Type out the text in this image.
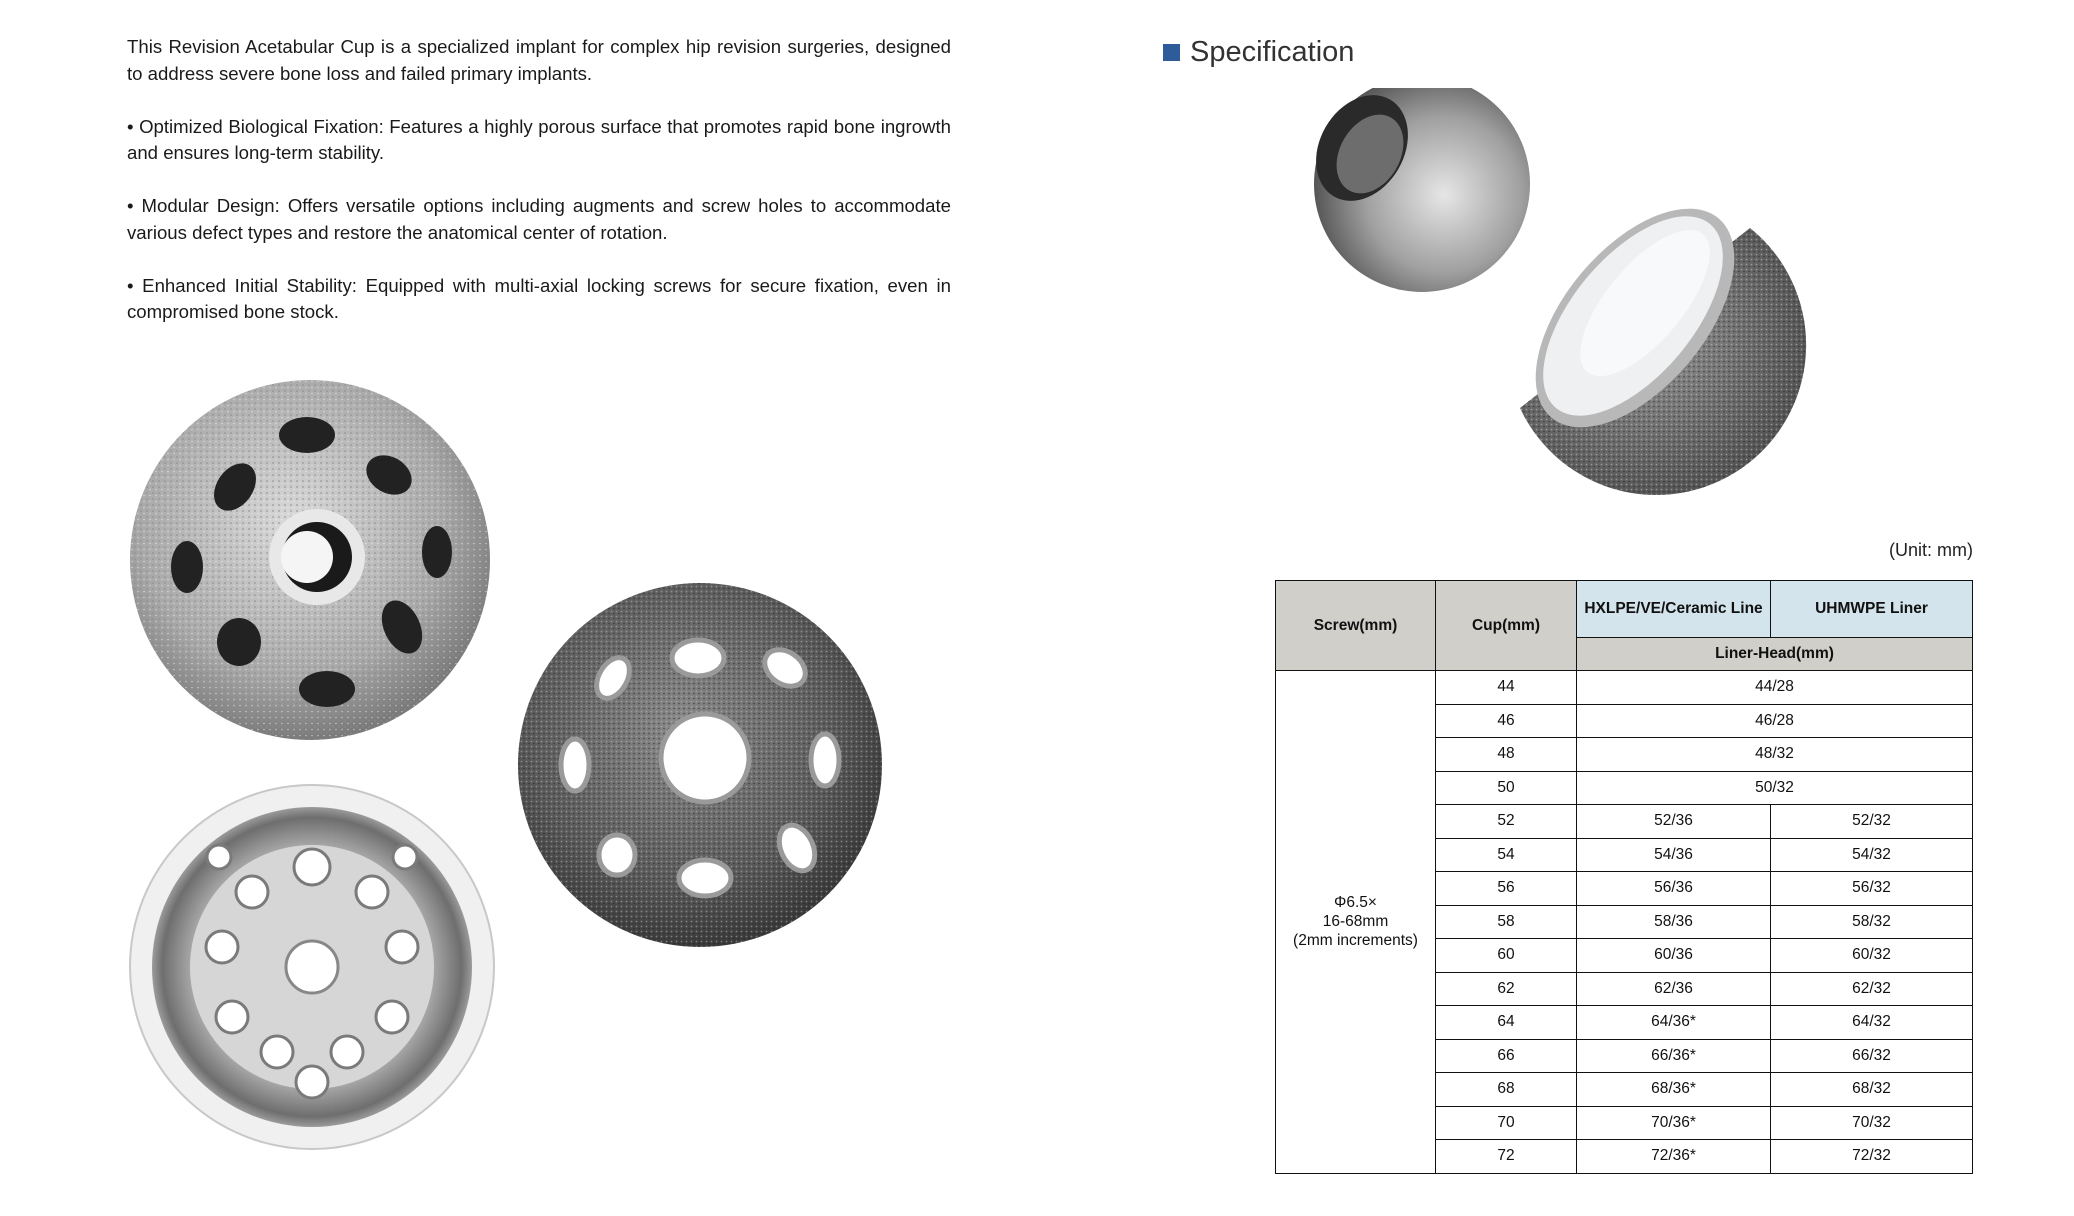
This Revision Acetabular Cup is a specialized implant for complex hip revision surgeries, designed to address severe bone loss and failed primary implants.

• Optimized Biological Fixation: Features a highly porous surface that promotes rapid bone ingrowth and ensures long-term stability.

• Modular Design: Offers versatile options including augments and screw holes to accommodate various defect types and restore the anatomical center of rotation.

• Enhanced Initial Stability: Equipped with multi-axial locking screws for secure fixation, even in compromised bone stock.

Specification
(Unit: mm)
Screw(mm)	Cup(mm)	HXLPE/VE/Ceramic Line	UHMWPE Liner
		Liner-Head(mm)	

Φ6.5×
16-68mm
(2mm increments)	44	44/28	
	46	46/28	
	48	48/32	
	50	50/32	
	52	52/36	52/32
	54	54/36	54/32
	56	56/36	56/32
	58	58/36	58/32
	60	60/36	60/32
	62	62/36	62/32
	64	64/36*	64/32
	66	66/36*	66/32
	68	68/36*	68/32
	70	70/36*	70/32
	72	72/36*	72/32
